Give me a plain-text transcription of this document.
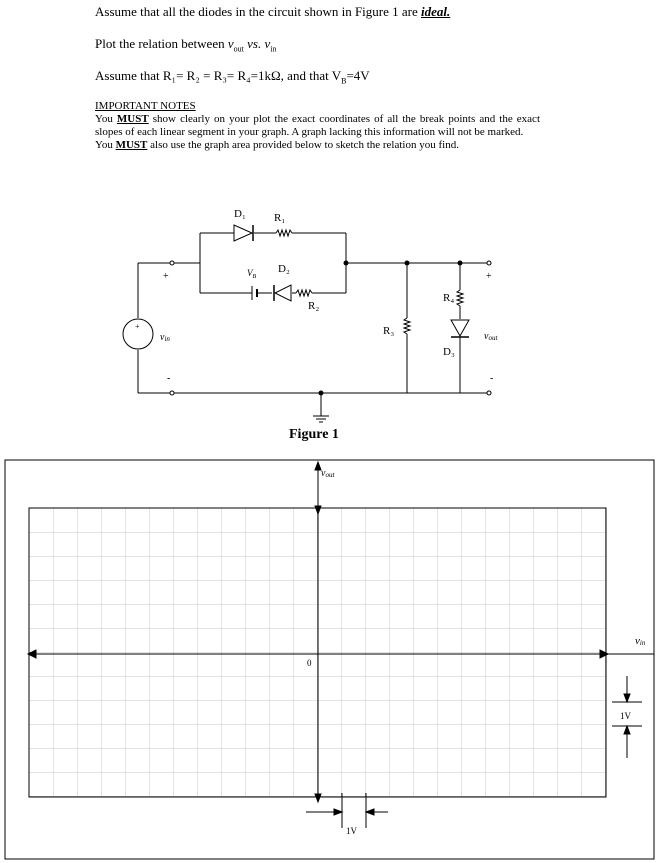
Assume that all the diodes in the circuit shown in Figure 1 are ideal.
Plot the relation between $v_{out}$ vs. $v_{in}$
Assume that R₁= R₂ = R₃= R₄=1kΩ, and that $V_B=4V$

IMPORTANT NOTES

You MUST show clearly on your plot the exact coordinates of all the break points and the exact slopes of each linear segment in your graph. A graph lacking this information will not be marked.

You MUST also use the graph area provided below to sketch the relation you find.

D₁	R₁
D₂
$V_B$
R₂
R₃
R₄
D₃
+
-
+
-
+
vin	vout
Figure 1
vout
vin
0
1V
1V
